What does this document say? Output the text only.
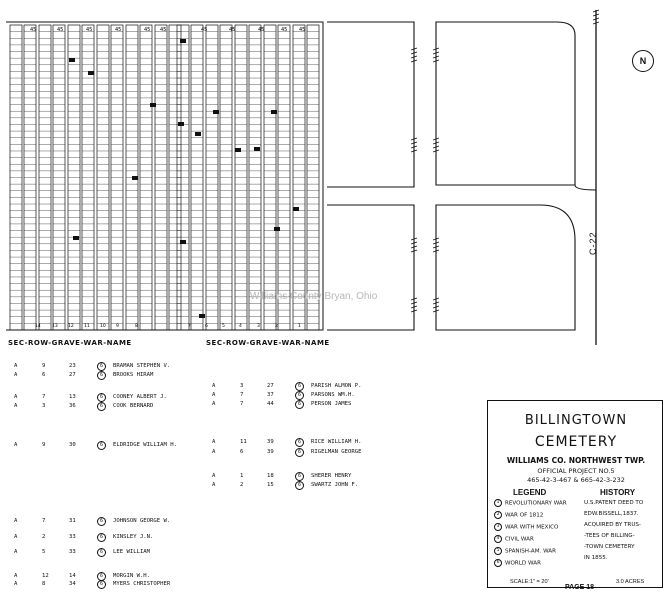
45	45	45	45	45 45	45	45	45	45 45
14	13 12 11 10 9	8	7	6	5	4	3	2	1
N
C-22
Williams County Bryan, Ohio
SEC-ROW-GRAVE-WAR-NAME	SEC-ROW-GRAVE-WAR-NAME
A	9	23	6	BRAMAN STEPHEN V.
A	6	27	6	BROOKS HIRAM
A	7	13	6	COONEY ALBERT J.
A	3	36	6	COOK BERNARD
A	9	30	6	ELDRIDGE WILLIAM H.
A	7	31	6	JOHNSON GEORGE W.
A	2	33	6	KINSLEY J.N.
A	5	33	6	LEE WILLIAM
A	12	14	6	MORGIN W.H.
A	8	34	6	MYERS CHRISTOPHER
A	3	27	6	PARISH ALMON P.
A	7	37	6	PARSONS WM.H.
A	7	44	6	PERSON JAMES
A	11	39	6	RICE WILLIAM H.
A	6	39	6	RIGELMAN GEORGE
A	1	18	6	SHERER HENRY
A	2	15	6	SWARTZ JOHN F.
BILLINGTOWN
CEMETERY
WILLIAMS CO. NORTHWEST TWP.
OFFICIAL PROJECT NO.5
465-42-3-467 & 665-42-3-232
LEGEND	HISTORY
1 REVOLUTIONARY WAR
2 WAR OF 1812
3 WAR WITH MEXICO
4 CIVIL WAR
5 SPANISH-AM. WAR
6 WORLD WAR
U.S.PATENT DEED TO
EDW.BISSELL,1837.
ACQUIRED BY TRUS-
-TEES OF BILLING-
-TOWN CEMETERY
IN 1855.
SCALE:1" = 20'	3.0 ACRES
PAGE 18
